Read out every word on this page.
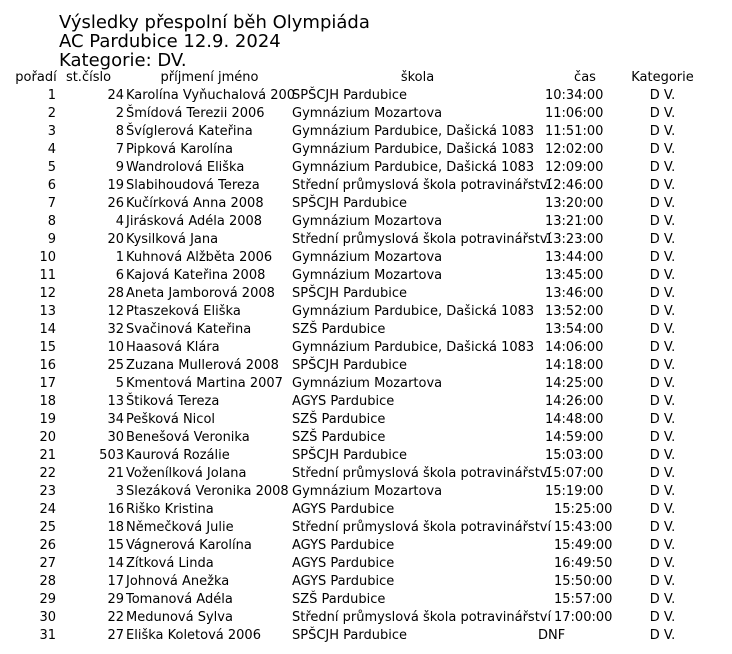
Výsledky přespolní běh Olympiáda
AC Pardubice 12.9. 2024
Kategorie: DV.
pořadí	st.číslo	příjmení jméno	škola	čas	Kategorie
1	24	Karolína Vyňuchalová 200	SPŠCJH Pardubice	10:34:00	D V.
2	2	Šmídová Terezii 2006	Gymnázium Mozartova	11:06:00	D V.
3	8	Švíglerová Kateřina	Gymnázium Pardubice, Dašická 1083	11:51:00	D V.
4	7	Pipková Karolína	Gymnázium Pardubice, Dašická 1083	12:02:00	D V.
5	9	Wandrolová Eliška	Gymnázium Pardubice, Dašická 1083	12:09:00	D V.
6	19	Slabihoudová Tereza	Střední průmyslová škola potravinářství	12:46:00	D V.
7	26	Kučírková Anna 2008	SPŠCJH Pardubice	13:20:00	D V.
8	4	Jirásková Adéla 2008	Gymnázium Mozartova	13:21:00	D V.
9	20	Kysilková Jana	Střední průmyslová škola potravinářství	13:23:00	D V.
10	1	Kuhnová Alžběta 2006	Gymnázium Mozartova	13:44:00	D V.
11	6	Kajová Kateřina 2008	Gymnázium Mozartova	13:45:00	D V.
12	28	Aneta Jamborová 2008	SPŠCJH Pardubice	13:46:00	D V.
13	12	Ptaszeková Eliška	Gymnázium Pardubice, Dašická 1083	13:52:00	D V.
14	32	Svačinová Kateřina	SZŠ Pardubice	13:54:00	D V.
15	10	Haasová Klára	Gymnázium Pardubice, Dašická 1083	14:06:00	D V.
16	25	Zuzana Mullerová 2008	SPŠCJH Pardubice	14:18:00	D V.
17	5	Kmentová Martina 2007	Gymnázium Mozartova	14:25:00	D V.
18	13	Štiková Tereza	AGYS Pardubice	14:26:00	D V.
19	34	Pešková Nicol	SZŠ Pardubice	14:48:00	D V.
20	30	Benešová Veronika	SZŠ Pardubice	14:59:00	D V.
21	503	Kaurová Rozálie	SPŠCJH Pardubice	15:03:00	D V.
22	21	Voženílková Jolana	Střední průmyslová škola potravinářství	15:07:00	D V.
23	3	Slezáková Veronika 2008	Gymnázium Mozartova	15:19:00	D V.
24	16	Riško Kristina	AGYS Pardubice	15:25:00	D V.
25	18	Němečková Julie	Střední průmyslová škola potravinářství	15:43:00	D V.
26	15	Vágnerová Karolína	AGYS Pardubice	15:49:00	D V.
27	14	Zítková Linda	AGYS Pardubice	16:49:50	D V.
28	17	Johnová Anežka	AGYS Pardubice	15:50:00	D V.
29	29	Tomanová Adéla	SZŠ Pardubice	15:57:00	D V.
30	22	Medunová Sylva	Střední průmyslová škola potravinářství	17:00:00	D V.
31	27	Eliška Koletová 2006	SPŠCJH Pardubice	DNF	D V.
